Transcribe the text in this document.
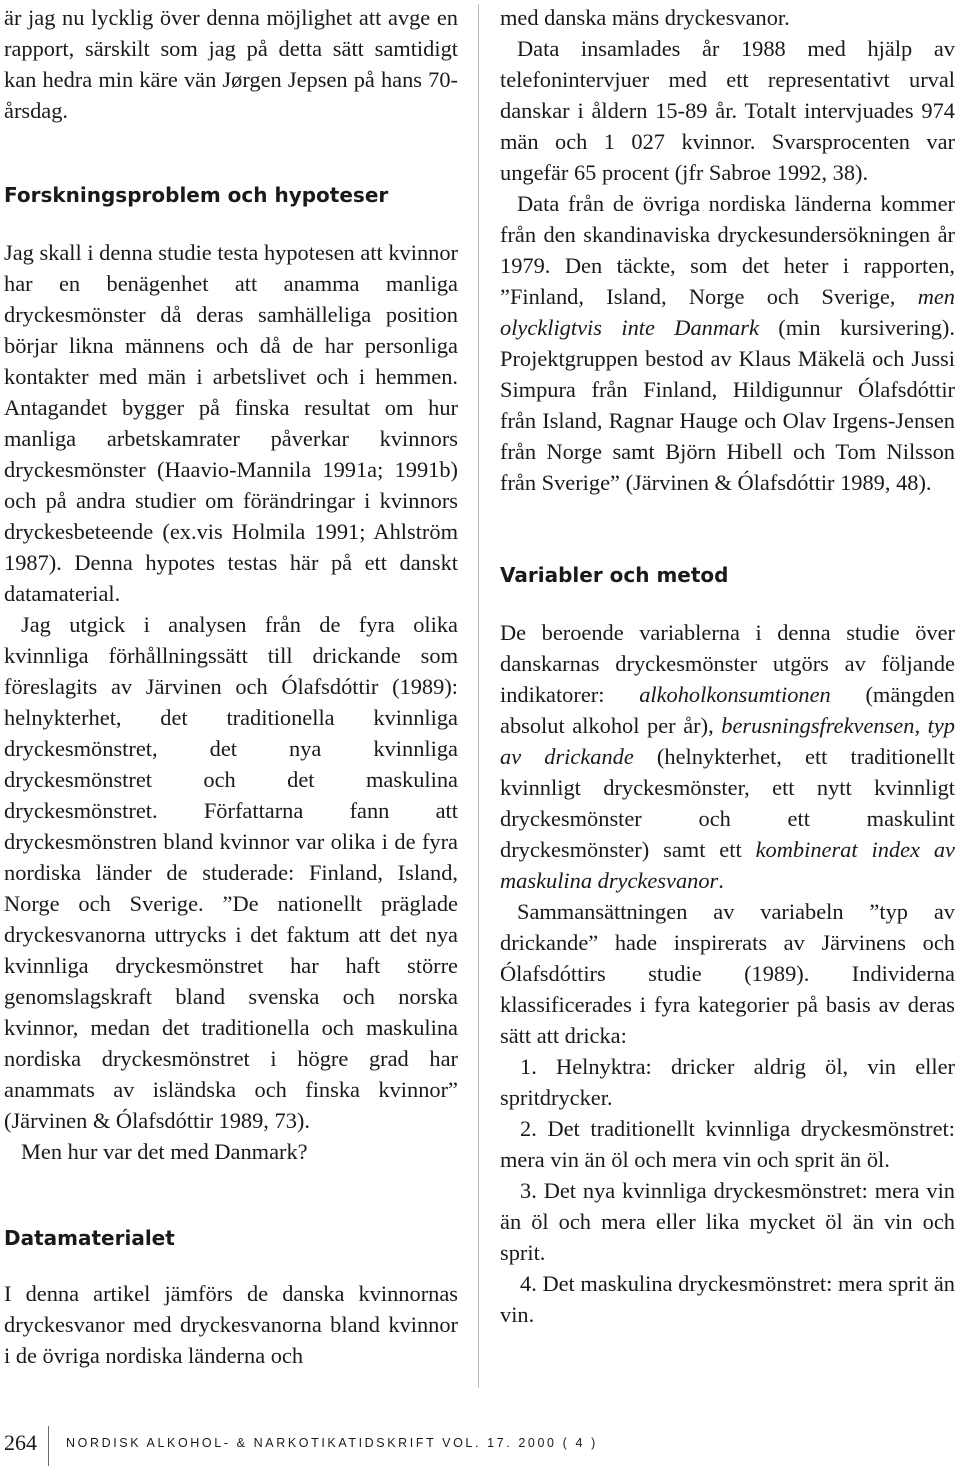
är jag nu lycklig över denna möjlighet att avge en rapport, särskilt som jag på detta sätt samtidigt kan hedra min käre vän Jørgen Jepsen på hans 70-årsdag.

Forskningsproblem och hypoteser

Jag skall i denna studie testa hypotesen att kvinnor har en benägenhet att anamma manliga dryckesmönster då deras samhälleliga position börjar likna männens och då de har personliga kontakter med män i arbetslivet och i hemmen. Antagandet bygger på finska resultat om hur manliga arbetskamrater påverkar kvinnors dryckesmönster (Haavio-Mannila 1991a; 1991b) och på andra studier om förändringar i kvinnors dryckesbeteende (ex.vis Holmila 1991; Ahlström 1987). Denna hypotes testas här på ett danskt datamaterial.

Jag utgick i analysen från de fyra olika kvinnliga förhållningssätt till drickande som föreslagits av Järvinen och Ólafsdóttir (1989): helnykterhet, det traditionella kvinnliga dryckesmönstret, det nya kvinnliga dryckesmönstret och det maskulina dryckesmönstret. Författarna fann att dryckesmönstren bland kvinnor var olika i de fyra nordiska länder de studerade: Finland, Island, Norge och Sverige. ”De nationellt präglade dryckesvanorna uttrycks i det faktum att det nya kvinnliga dryckesmönstret har haft större genomslagskraft bland svenska och norska kvinnor, medan det traditionella och maskulina nordiska dryckesmönstret i högre grad har anammats av isländska och finska kvinnor” (Järvinen & Ólafsdóttir 1989, 73).

Men hur var det med Danmark?

Datamaterialet

I denna artikel jämförs de danska kvinnornas dryckesvanor med dryckesvanorna bland kvinnor i de övriga nordiska länderna och

med danska mäns dryckesvanor.

Data insamlades år 1988 med hjälp av telefonintervjuer med ett representativt urval danskar i åldern 15-89 år. Totalt intervjuades 974 män och 1 027 kvinnor. Svarsprocenten var ungefär 65 procent (jfr Sabroe 1992, 38).

Data från de övriga nordiska länderna kommer från den skandinaviska dryckesundersökningen år 1979. Den täckte, som det heter i rapporten, ”Finland, Island, Norge och Sverige, men olyckligtvis inte Danmark (min kursivering). Projektgruppen bestod av Klaus Mäkelä och Jussi Simpura från Finland, Hildigunnur Ólafsdóttir från Island, Ragnar Hauge och Olav Irgens-Jensen från Norge samt Björn Hibell och Tom Nilsson från Sverige” (Järvinen & Ólafsdóttir 1989, 48).

Variabler och metod

De beroende variablerna i denna studie över danskarnas dryckesmönster utgörs av följande indikatorer: alkoholkonsumtionen (mängden absolut alkohol per år), berusningsfrekvensen, typ av drickande (helnykterhet, ett traditionellt kvinnligt dryckesmönster, ett nytt kvinnligt dryckesmönster och ett maskulint dryckesmönster) samt ett kombinerat index av maskulina dryckesvanor.

Sammansättningen av variabeln ”typ av drickande” hade inspirerats av Järvinens och Ólafsdóttirs studie (1989). Individerna klassificerades i fyra kategorier på basis av deras sätt att dricka:

1. Helnyktra: dricker aldrig öl, vin eller spritdrycker.

2. Det traditionellt kvinnliga dryckesmönstret: mera vin än öl och mera vin och sprit än öl.

3. Det nya kvinnliga dryckesmönstret: mera vin än öl och mera eller lika mycket öl än vin och sprit.

4. Det maskulina dryckesmönstret: mera sprit än vin.

264 NORDISK ALKOHOL- & NARKOTIKATIDSKRIFT VOL. 17. 2000 ( 4 )
